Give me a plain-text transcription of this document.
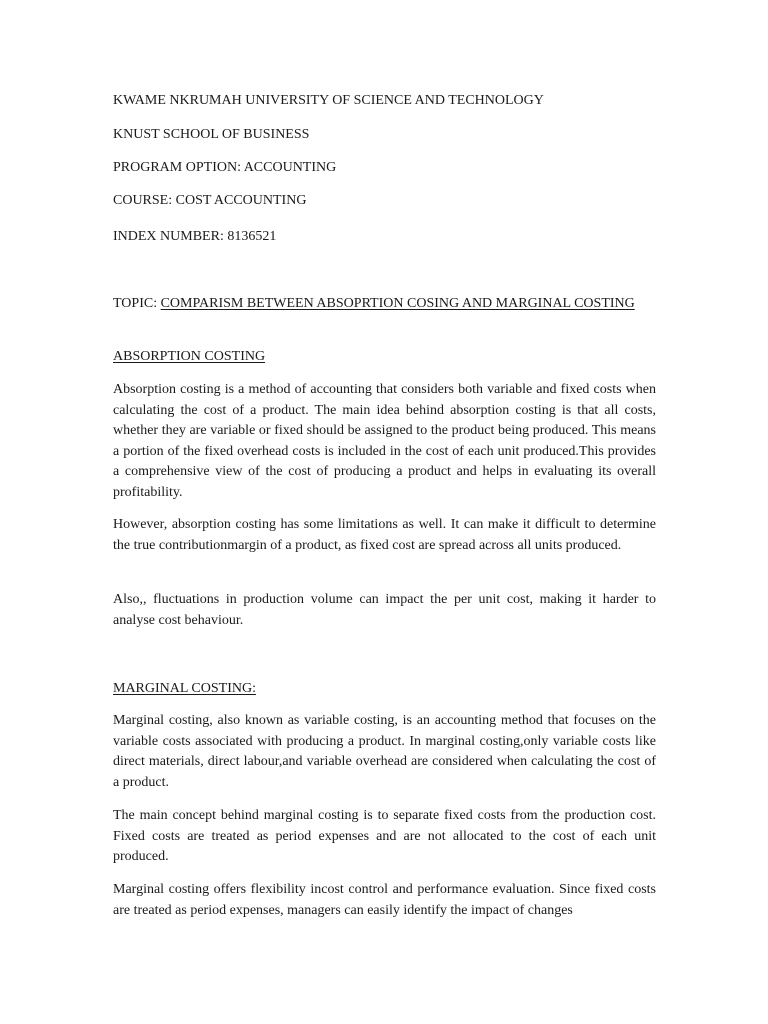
KWAME NKRUMAH UNIVERSITY OF SCIENCE AND TECHNOLOGY

KNUST SCHOOL OF BUSINESS

PROGRAM OPTION: ACCOUNTING

COURSE: COST ACCOUNTING

INDEX NUMBER: 8136521

TOPIC: COMPARISM BETWEEN ABSOPRTION COSING AND MARGINAL COSTING

ABSORPTION COSTING

Absorption costing is a method of accounting that considers both variable and fixed costs when calculating the cost of a product. The main idea behind absorption costing is that all costs, whether they are variable or fixed should be assigned to the product being produced. This means a portion of the fixed overhead costs is included in the cost of each unit produced.This provides a comprehensive view of the cost of producing a product and helps in evaluating its overall profitability.

However, absorption costing has some limitations as well. It can make it difficult to determine the true contributionmargin of a product, as fixed cost are spread across all units produced.

Also,, fluctuations in production volume can impact the per unit cost, making it harder to analyse cost behaviour.

MARGINAL COSTING:

Marginal costing, also known as variable costing, is an accounting method that focuses on the variable costs associated with producing a product. In marginal costing,only variable costs like    direct materials, direct labour,and variable overhead are considered when calculating the cost of a product.

The main concept behind marginal costing is to separate fixed costs from the production cost. Fixed costs are treated as period expenses and are not allocated to the cost of each unit produced.

Marginal costing offers flexibility incost control and performance evaluation. Since fixed costs are treated as period expenses, managers can easily identify the impact of changes
